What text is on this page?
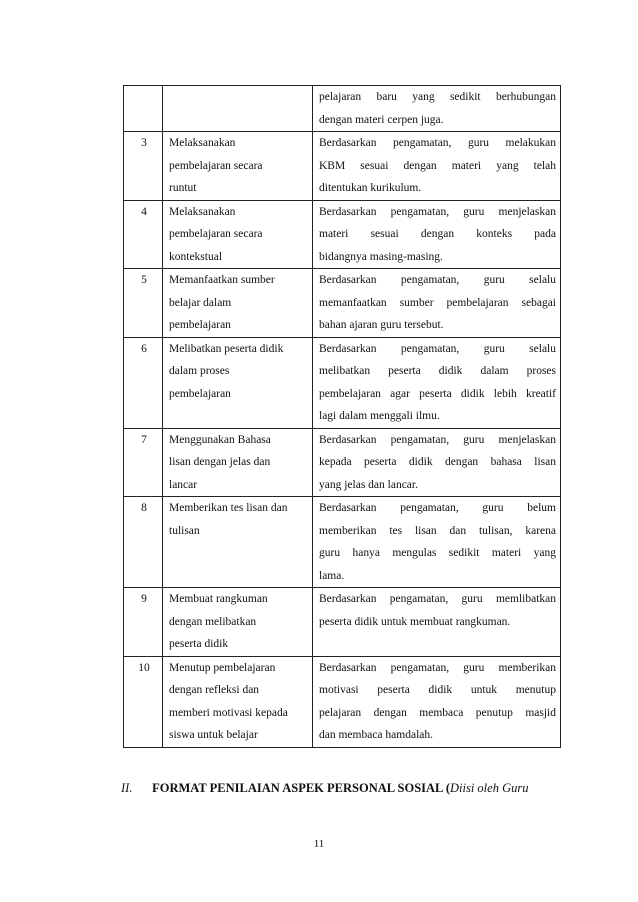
		pelajaran baru yang sedikit berhubungan
dengan materi cerpen juga.

3	Melaksanakan
pembelajaran secara
runtut	Berdasarkan pengamatan, guru melakukan
KBM sesuai dengan materi yang telah
ditentukan kurikulum.

4	Melaksanakan
pembelajaran secara
kontekstual	Berdasarkan pengamatan, guru menjelaskan
materi sesuai dengan konteks pada
bidangnya masing-masing.

5	Memanfaatkan sumber
belajar dalam
pembelajaran	Berdasarkan pengamatan, guru selalu
memanfaatkan sumber pembelajaran sebagai
bahan ajaran guru tersebut.

6	Melibatkan peserta didik
dalam proses
pembelajaran	Berdasarkan pengamatan, guru selalu
melibatkan peserta didik dalam proses
pembelajaran agar peserta didik lebih kreatif
lagi dalam menggali ilmu.

7	Menggunakan Bahasa
lisan dengan jelas dan
lancar	Berdasarkan pengamatan, guru menjelaskan
kepada peserta didik dengan bahasa lisan
yang jelas dan lancar.

8	Memberikan tes lisan dan
tulisan	Berdasarkan pengamatan, guru belum
memberikan tes lisan dan tulisan, karena
guru hanya mengulas sedikit materi yang
lama.

9	Membuat rangkuman
dengan melibatkan
peserta didik	Berdasarkan pengamatan, guru memlibatkan
peserta didik untuk membuat rangkuman.

10	Menutup pembelajaran
dengan refleksi dan
memberi motivasi kepada
siswa untuk belajar	Berdasarkan pengamatan, guru memberikan
motivasi peserta didik untuk menutup
pelajaran dengan membaca penutup masjid
dan membaca hamdalah.
II. FORMAT PENILAIAN ASPEK PERSONAL SOSIAL (Diisi oleh Guru
11
